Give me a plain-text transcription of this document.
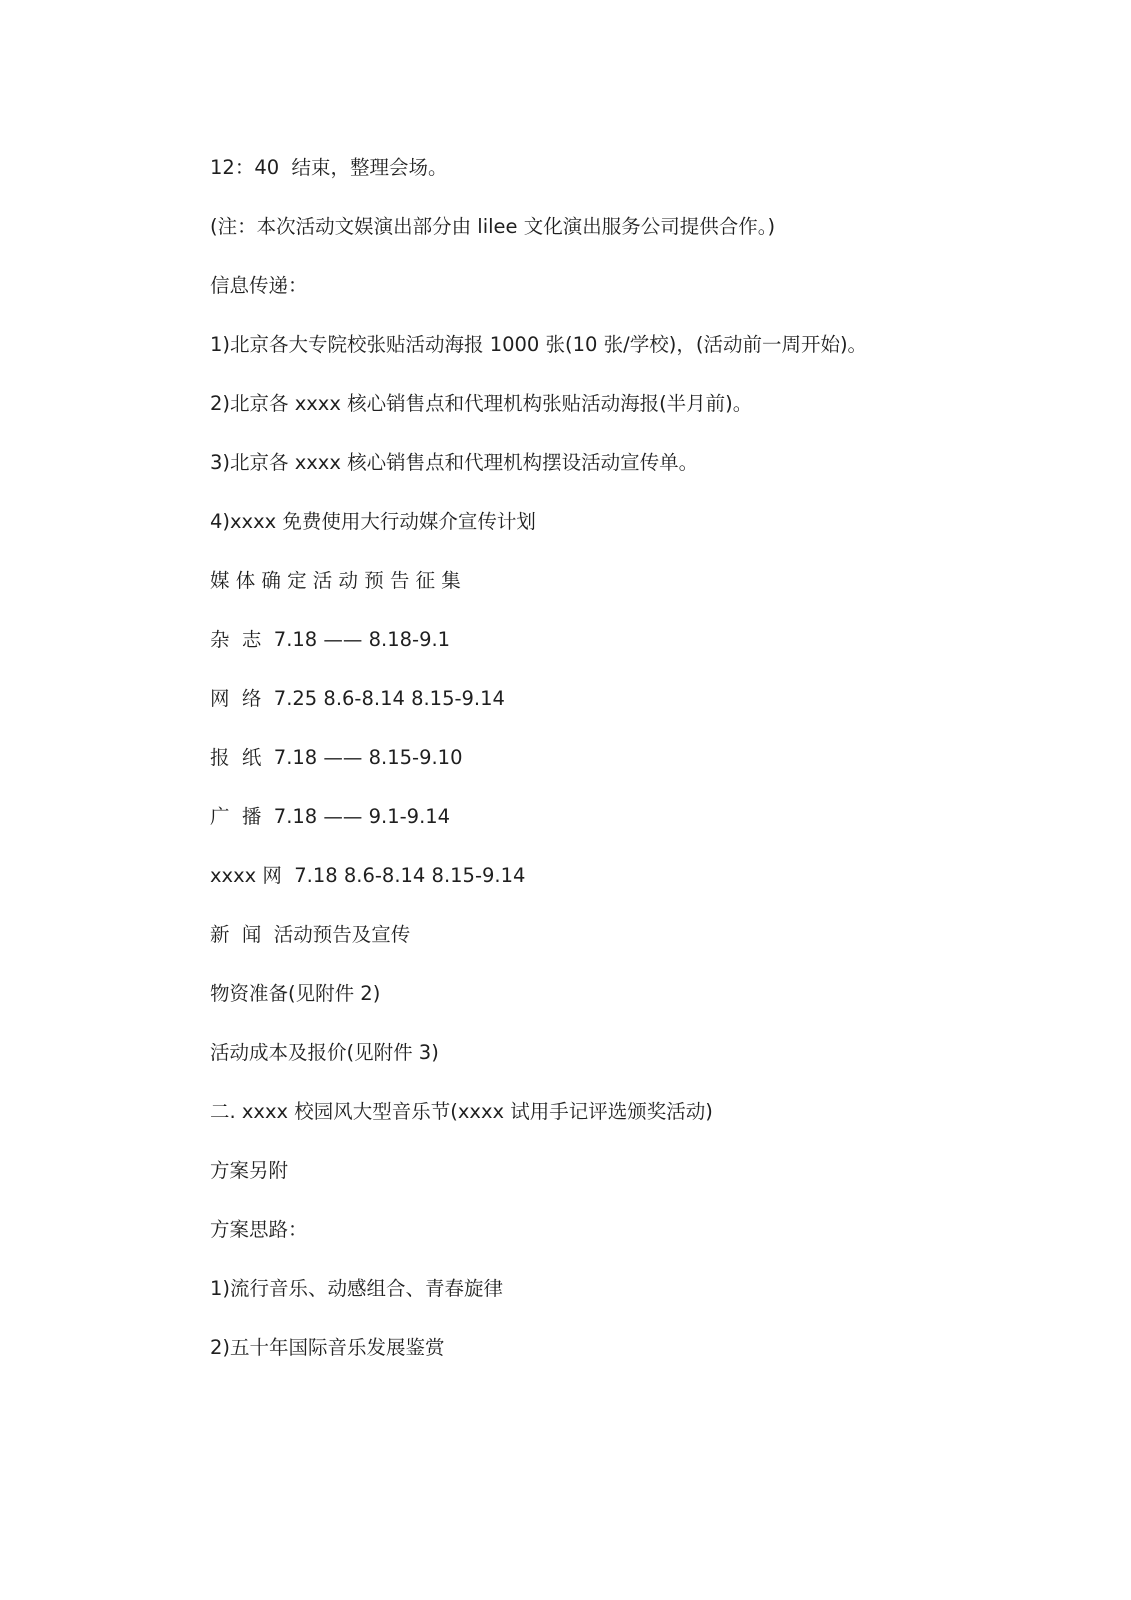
12：40  结束，整理会场。
(注：本次活动文娱演出部分由 lilee 文化演出服务公司提供合作。)
信息传递：
1)北京各大专院校张贴活动海报 1000 张(10 张/学校)，(活动前一周开始)。
2)北京各 xxxx 核心销售点和代理机构张贴活动海报(半月前)。
3)北京各 xxxx 核心销售点和代理机构摆设活动宣传单。
4)xxxx 免费使用大行动媒介宣传计划
媒 体 确 定 活 动 预 告 征 集
杂  志  7.18 —— 8.18-9.1
网  络  7.25 8.6-8.14 8.15-9.14
报  纸  7.18 —— 8.15-9.10
广  播  7.18 —— 9.1-9.14
xxxx 网  7.18 8.6-8.14 8.15-9.14
新  闻  活动预告及宣传
物资准备(见附件 2)
活动成本及报价(见附件 3)
二. xxxx 校园风大型音乐节(xxxx 试用手记评选颁奖活动)
方案另附
方案思路：
1)流行音乐、动感组合、青春旋律
2)五十年国际音乐发展鉴赏
